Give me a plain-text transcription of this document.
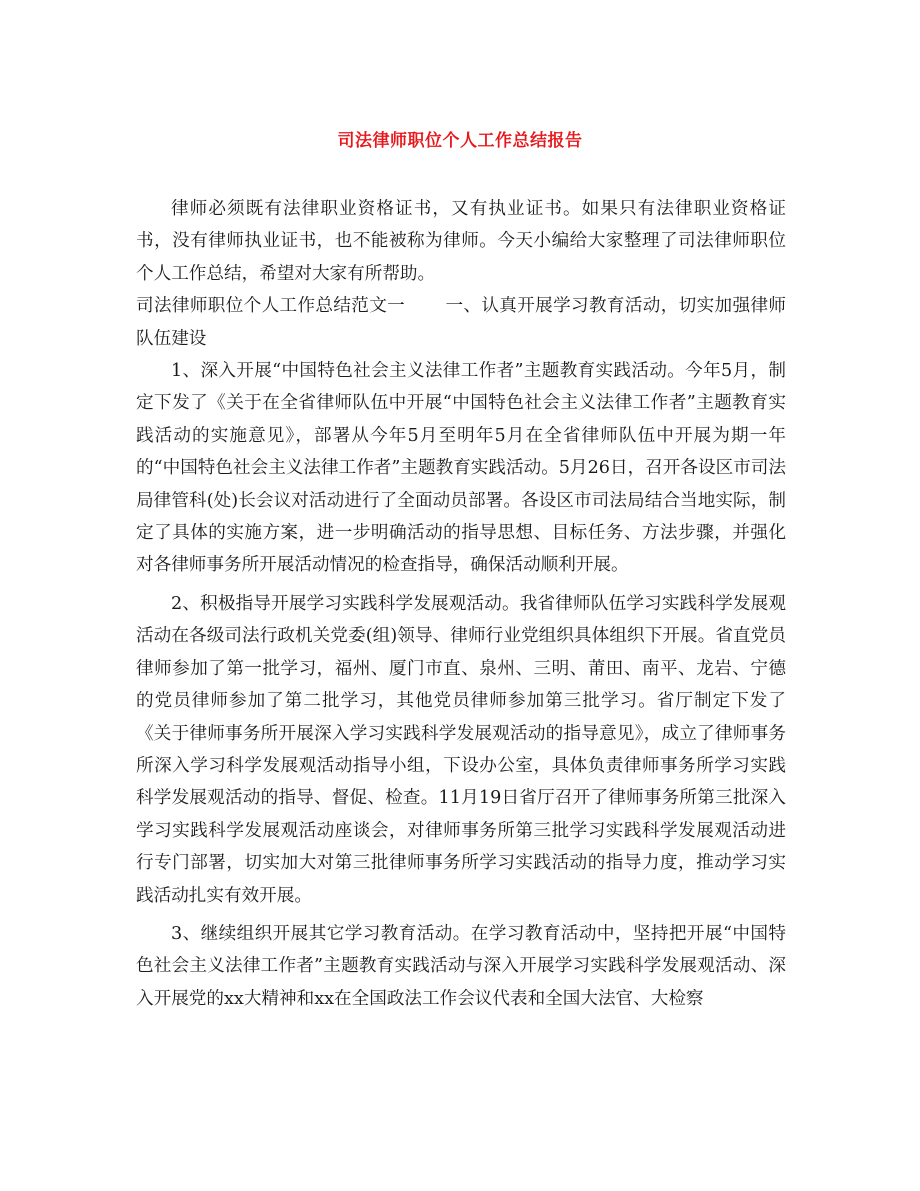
司法律师职位个人工作总结报告

律师必须既有法律职业资格证书，又有执业证书。如果只有法律职业资格证书，没有律师执业证书，也不能被称为律师。今天小编给大家整理了司法律师职位个人工作总结，希望对大家有所帮助。

司法律师职位个人工作总结范文一 一、认真开展学习教育活动，切实加强律师队伍建设

1、深入开展“中国特色社会主义法律工作者”主题教育实践活动。今年5月，制定下发了《关于在全省律师队伍中开展“中国特色社会主义法律工作者”主题教育实践活动的实施意见》，部署从今年5月至明年5月在全省律师队伍中开展为期一年的“中国特色社会主义法律工作者”主题教育实践活动。5月26日，召开各设区市司法局律管科(处)长会议对活动进行了全面动员部署。各设区市司法局结合当地实际，制定了具体的实施方案，进一步明确活动的指导思想、目标任务、方法步骤，并强化对各律师事务所开展活动情况的检查指导，确保活动顺利开展。

2、积极指导开展学习实践科学发展观活动。我省律师队伍学习实践科学发展观活动在各级司法行政机关党委(组)领导、律师行业党组织具体组织下开展。省直党员律师参加了第一批学习，福州、厦门市直、泉州、三明、莆田、南平、龙岩、宁德的党员律师参加了第二批学习，其他党员律师参加第三批学习。省厅制定下发了《关于律师事务所开展深入学习实践科学发展观活动的指导意见》，成立了律师事务所深入学习科学发展观活动指导小组，下设办公室，具体负责律师事务所学习实践科学发展观活动的指导、督促、检查。11月19日省厅召开了律师事务所第三批深入学习实践科学发展观活动座谈会，对律师事务所第三批学习实践科学发展观活动进行专门部署，切实加大对第三批律师事务所学习实践活动的指导力度，推动学习实践活动扎实有效开展。

3、继续组织开展其它学习教育活动。在学习教育活动中，坚持把开展“中国特色社会主义法律工作者”主题教育实践活动与深入开展学习实践科学发展观活动、深入开展党的xx大精神和xx在全国政法工作会议代表和全国大法官、大检察
